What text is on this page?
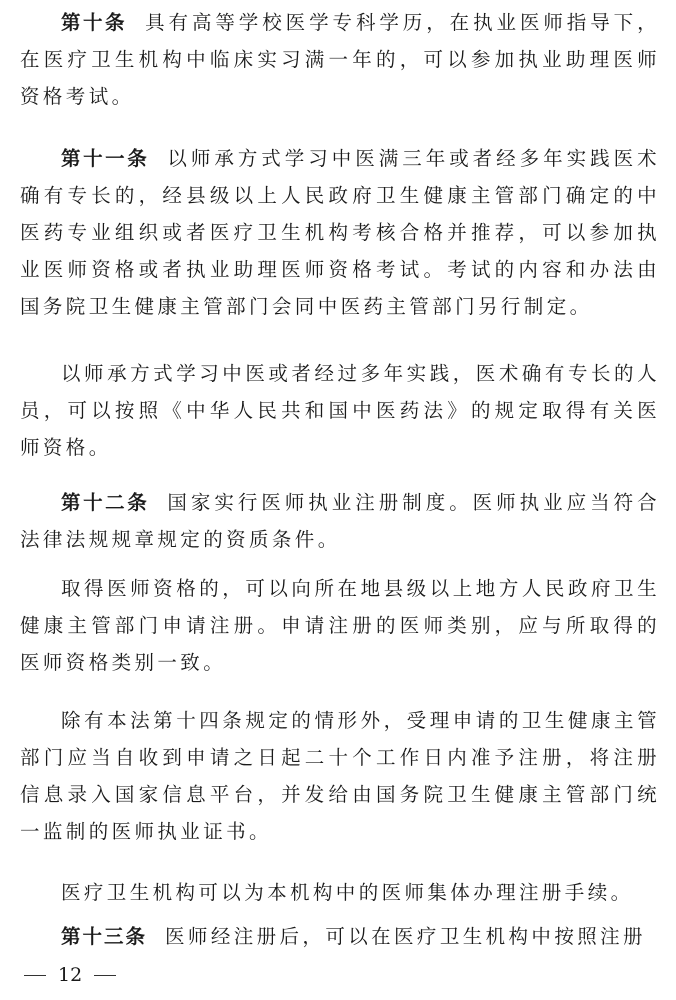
第十条 具有高等学校医学专科学历，在执业医师指导下，在医疗卫生机构中临床实习满一年的，可以参加执业助理医师资格考试。

第十一条 以师承方式学习中医满三年或者经多年实践医术确有专长的，经县级以上人民政府卫生健康主管部门确定的中医药专业组织或者医疗卫生机构考核合格并推荐，可以参加执业医师资格或者执业助理医师资格考试。考试的内容和办法由国务院卫生健康主管部门会同中医药主管部门另行制定。

以师承方式学习中医或者经过多年实践，医术确有专长的人员，可以按照《中华人民共和国中医药法》的规定取得有关医师资格。

第十二条 国家实行医师执业注册制度。医师执业应当符合法律法规规章规定的资质条件。

取得医师资格的，可以向所在地县级以上地方人民政府卫生健康主管部门申请注册。申请注册的医师类别，应与所取得的医师资格类别一致。

除有本法第十四条规定的情形外，受理申请的卫生健康主管部门应当自收到申请之日起二十个工作日内准予注册，将注册信息录入国家信息平台，并发给由国务院卫生健康主管部门统一监制的医师执业证书。

医疗卫生机构可以为本机构中的医师集体办理注册手续。

第十三条 医师经注册后，可以在医疗卫生机构中按照注册

12
